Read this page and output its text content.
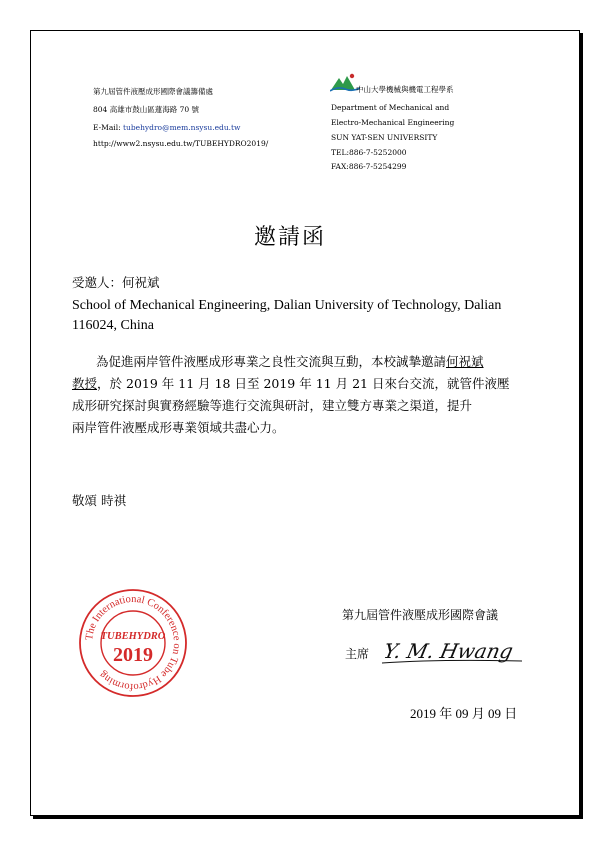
第九屆管件液壓成形國際會議籌備處
804 高雄市鼓山區蓮海路 70 號
E-Mail: tubehydro@mem.nsysu.edu.tw
http://www2.nsysu.edu.tw/TUBEHYDRO2019/
中山大學機械與機電工程學系
Department of Mechanical and
Electro-Mechanical Engineering
SUN YAT-SEN UNIVERSITY
TEL:886-7-5252000
FAX:886-7-5254299
邀請函
受邀人：何祝斌
School of Mechanical Engineering, Dalian University of Technology, Dalian
116024, China
為促進兩岸管件液壓成形專業之良性交流與互動，本校誠摯邀請何祝斌
教授，於 2019 年 11 月 18 日至 2019 年 11 月 21 日來台交流，就管件液壓
成形研究探討與實務經驗等進行交流與研討，建立雙方專業之渠道，提升
兩岸管件液壓成形專業領域共盡心力。
敬頌 時祺
The International Conference on Tube Hydroforming
TUBEHYDRO
2019
第九屆管件液壓成形國際會議
主席 Y. M. Hwang
2019 年 09 月 09 日
